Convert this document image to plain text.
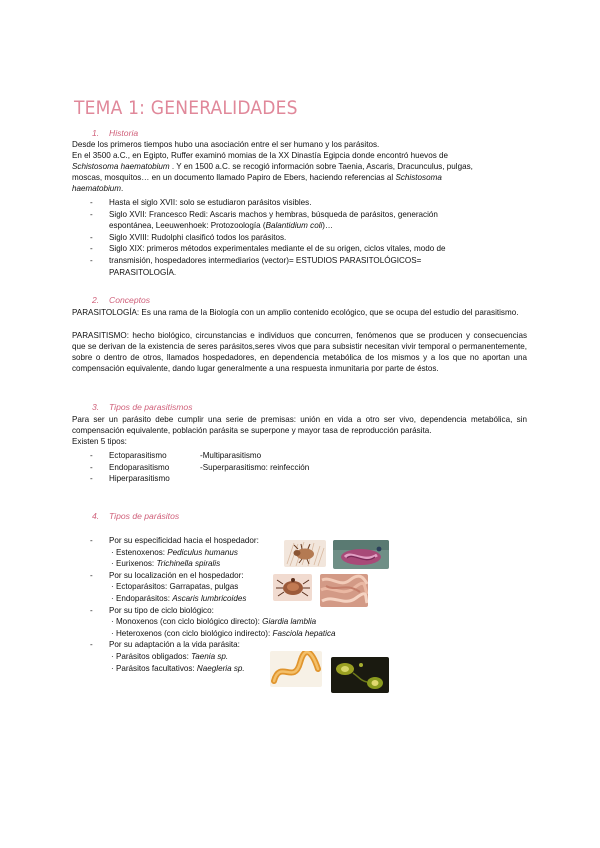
TEMA 1: GENERALIDADES
1. Historia
Desde los primeros tiempos hubo una asociación entre el ser humano y los parásitos.
En el 3500 a.C., en Egipto, Ruffer examinó momias de la XX Dinastía Egipcia donde encontró huevos de
Schistosoma haematobium . Y en 1500 a.C. se recogió información sobre Taenia, Ascaris, Dracunculus, pulgas,
moscas, mosquitos… en un documento llamado Papiro de Ebers, haciendo referencias al Schistosoma
haematobium.
- Hasta el siglo XVII: solo se estudiaron parásitos visibles.
- Siglo XVII: Francesco Redi: Ascaris machos y hembras, búsqueda de parásitos, generación
espontánea, Leeuwenhoek: Protozoología (Balantidium coli)…
- Siglo XVIII: Rudolphi clasificó todos los parásitos.
- Siglo XIX: primeros métodos experimentales mediante el de su origen, ciclos vitales, modo de
- transmisión, hospedadores intermediarios (vector)= ESTUDIOS PARASITOLÓGICOS=
PARASITOLOGÍA.
2. Conceptos
PARASITOLOGÍA: Es una rama de la Biología con un amplio contenido ecológico, que se ocupa del estudio del parasitismo.
PARASITISMO: hecho biológico, circunstancias e individuos que concurren, fenómenos que se producen y consecuencias que se derivan de la existencia de seres parásitos,seres vivos que para subsistir necesitan vivir temporal o permanentemente, sobre o dentro de otros, llamados hospedadores, en dependencia metabólica de los mismos y a los que no aportan una compensación equivalente, dando lugar generalmente a una respuesta inmunitaria por parte de éstos.
3. Tipos de parasitismos
Para ser un parásito debe cumplir una serie de premisas: unión en vida a otro ser vivo, dependencia metabólica, sin compensación equivalente, población parásita se superpone y mayor tasa de reproducción parásita.
Existen 5 tipos:
- Ectoparasitismo
- Endoparasitismo
- Hiperparasitismo
-Multiparasitismo
-Superparasitismo: reinfección
4. Tipos de parásitos
- Por su especificidad hacia el hospedador:
· Estenoxenos: Pediculus humanus
· Eurixenos: Trichinella spiralis
- Por su localización en el hospedador:
· Ectoparásitos: Garrapatas, pulgas
· Endoparásitos: Ascaris lumbricoides
- Por su tipo de ciclo biológico:
· Monoxenos (con ciclo biológico directo): Giardia lamblia
· Heteroxenos (con ciclo biológico indirecto): Fasciola hepatica
- Por su adaptación a la vida parásita:
· Parásitos obligados: Taenia sp.
· Parásitos facultativos: Naegleria sp.
